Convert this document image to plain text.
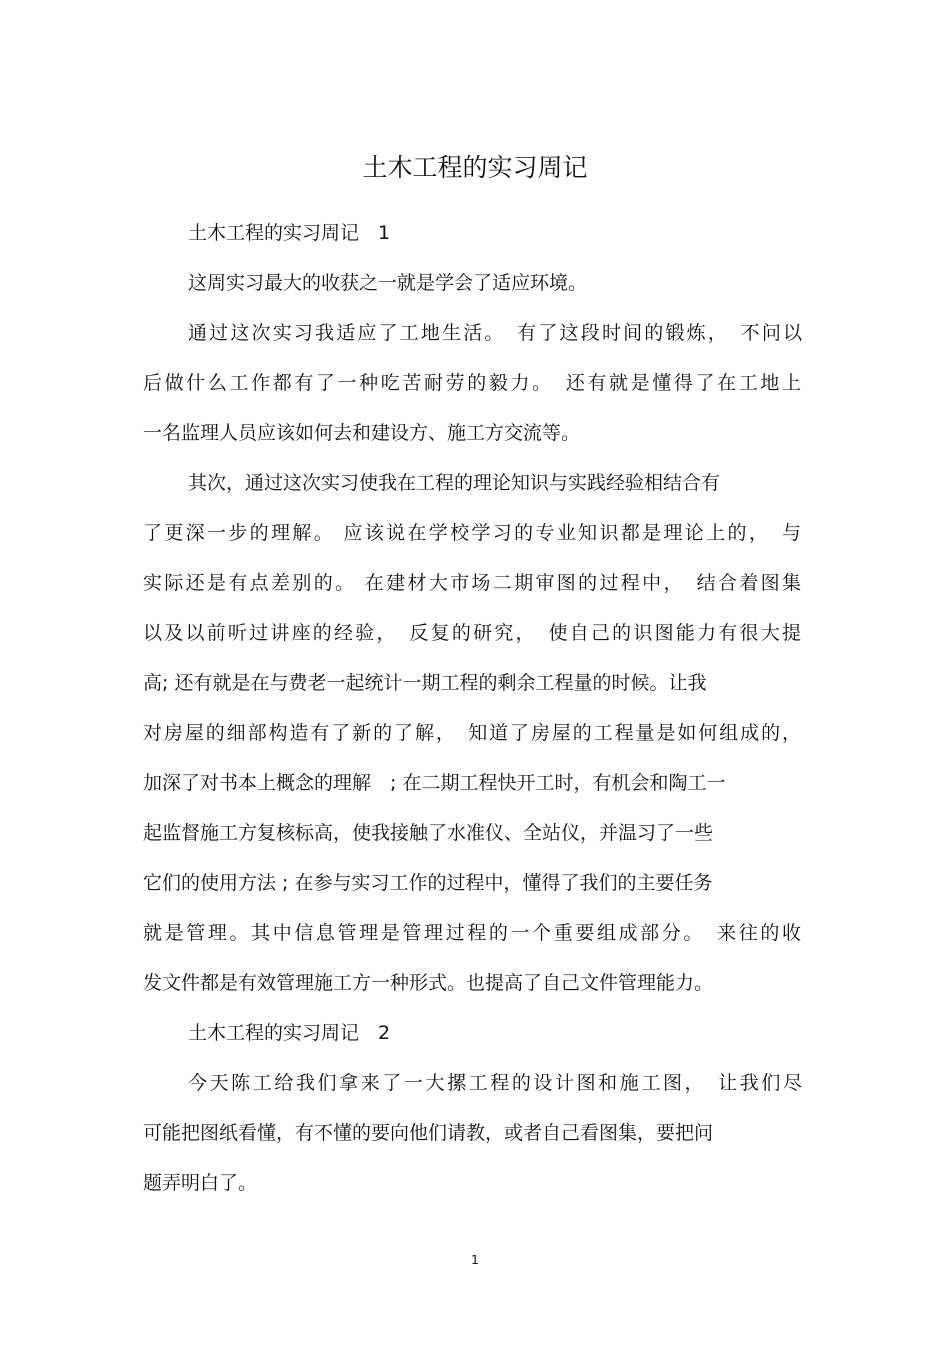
土木工程的实习周记
土木工程的实习周记　1
这周实习最大的收获之一就是学会了适应环境。
通过这次实习我适应了工地生活。　有了这段时间的锻炼，　不问以
后做什么工作都有了一种吃苦耐劳的毅力。　还有就是懂得了在工地上
一名监理人员应该如何去和建设方、施工方交流等。
其次，通过这次实习使我在工程的理论知识与实践经验相结合有
了更深一步的理解。 应该说在学校学习的专业知识都是理论上的，　与
实际还是有点差别的。 在建材大市场二期审图的过程中，　结合着图集
以及以前听过讲座的经验，　反复的研究，　使自己的识图能力有很大提
高; 还有就是在与费老一起统计一期工程的剩余工程量的时候。让我
对房屋的细部构造有了新的了解，　知道了房屋的工程量是如何组成的，
加深了对书本上概念的理解　; 在二期工程快开工时，有机会和陶工一
起监督施工方复核标高，使我接触了水准仪、全站仪，并温习了一些
它们的使用方法 ; 在参与实习工作的过程中，懂得了我们的主要任务
就是管理。其中信息管理是管理过程的一个重要组成部分。　来往的收
发文件都是有效管理施工方一种形式。也提高了自己文件管理能力。
土木工程的实习周记　2
今天陈工给我们拿来了一大摞工程的设计图和施工图，　让我们尽
可能把图纸看懂，有不懂的要向他们请教，或者自己看图集，要把问
题弄明白了。
1
